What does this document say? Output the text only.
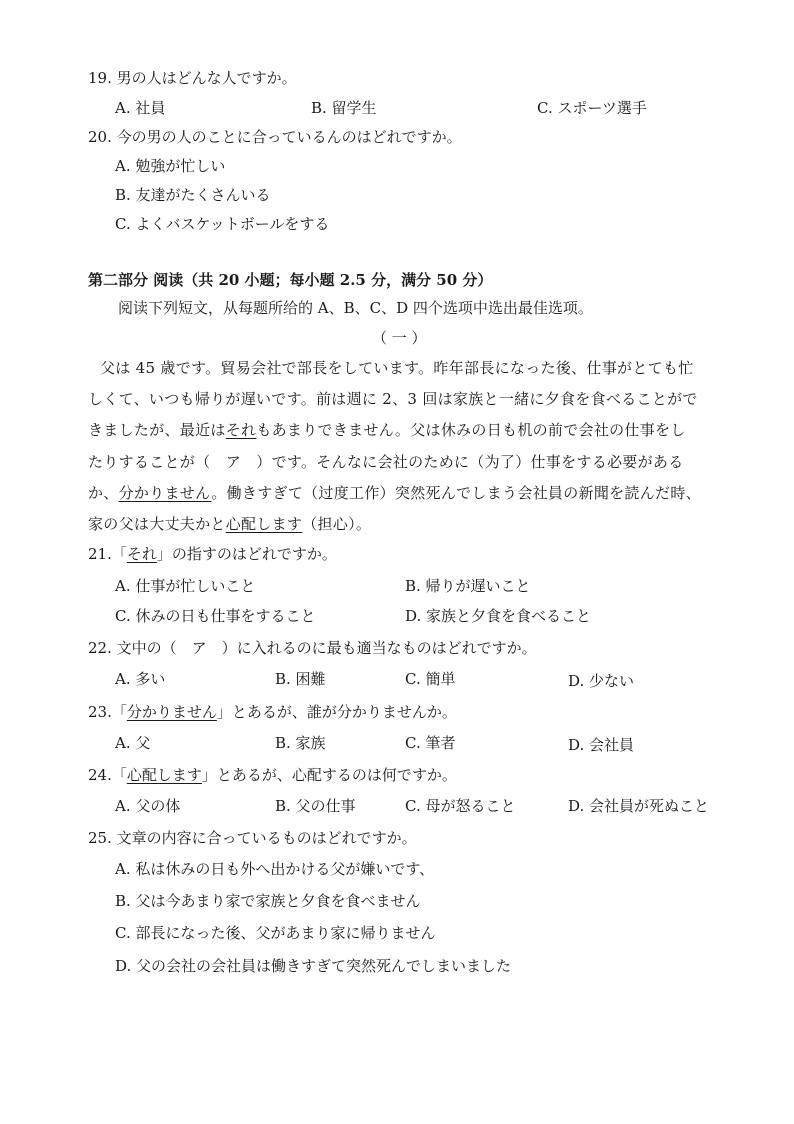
19. 男の人はどんな人ですか。
A. 社員	B. 留学生	C. スポーツ選手
20. 今の男の人のことに合っているんのはどれですか。
A. 勉強が忙しい
B. 友達がたくさんいる
C. よくバスケットボールをする
第二部分 阅读（共 20 小题；每小题 2.5 分，满分 50 分）
阅读下列短文，从每题所给的 A、B、C、D 四个选项中选出最佳选项。
（ 一 ）
父は 45 歳です。貿易会社で部長をしています。昨年部長になった後、仕事がとても忙
しくて、いつも帰りが遅いです。前は週に 2、3 回は家族と一緒に夕食を食べることがで
きましたが、最近はそれもあまりできません。父は休みの日も机の前で会社の仕事をし
たりすることが（　ア　）です。そんなに会社のために（为了）仕事をする必要がある
か、分かりません。働きすぎて（过度工作）突然死んでしまう会社員の新聞を読んだ時、
家の父は大丈夫かと心配します（担心）。
21.「それ」の指すのはどれですか。
A. 仕事が忙しいこと	B. 帰りが遅いこと
C. 休みの日も仕事をすること	D. 家族と夕食を食べること
22. 文中の（　ア　）に入れるのに最も適当なものはどれですか。
A. 多い	B. 困難	C. 簡単	D. 少ない
23.「分かりません」とあるが、誰が分かりませんか。
A. 父	B. 家族	C. 筆者	D. 会社員
24.「心配します」とあるが、心配するのは何ですか。
A. 父の体	B. 父の仕事	C. 母が怒ること	D. 会社員が死ぬこと
25. 文章の内容に合っているものはどれですか。
A. 私は休みの日も外へ出かける父が嫌いです、
B. 父は今あまり家で家族と夕食を食べません
C. 部長になった後、父があまり家に帰りません
D. 父の会社の会社員は働きすぎて突然死んでしまいました
